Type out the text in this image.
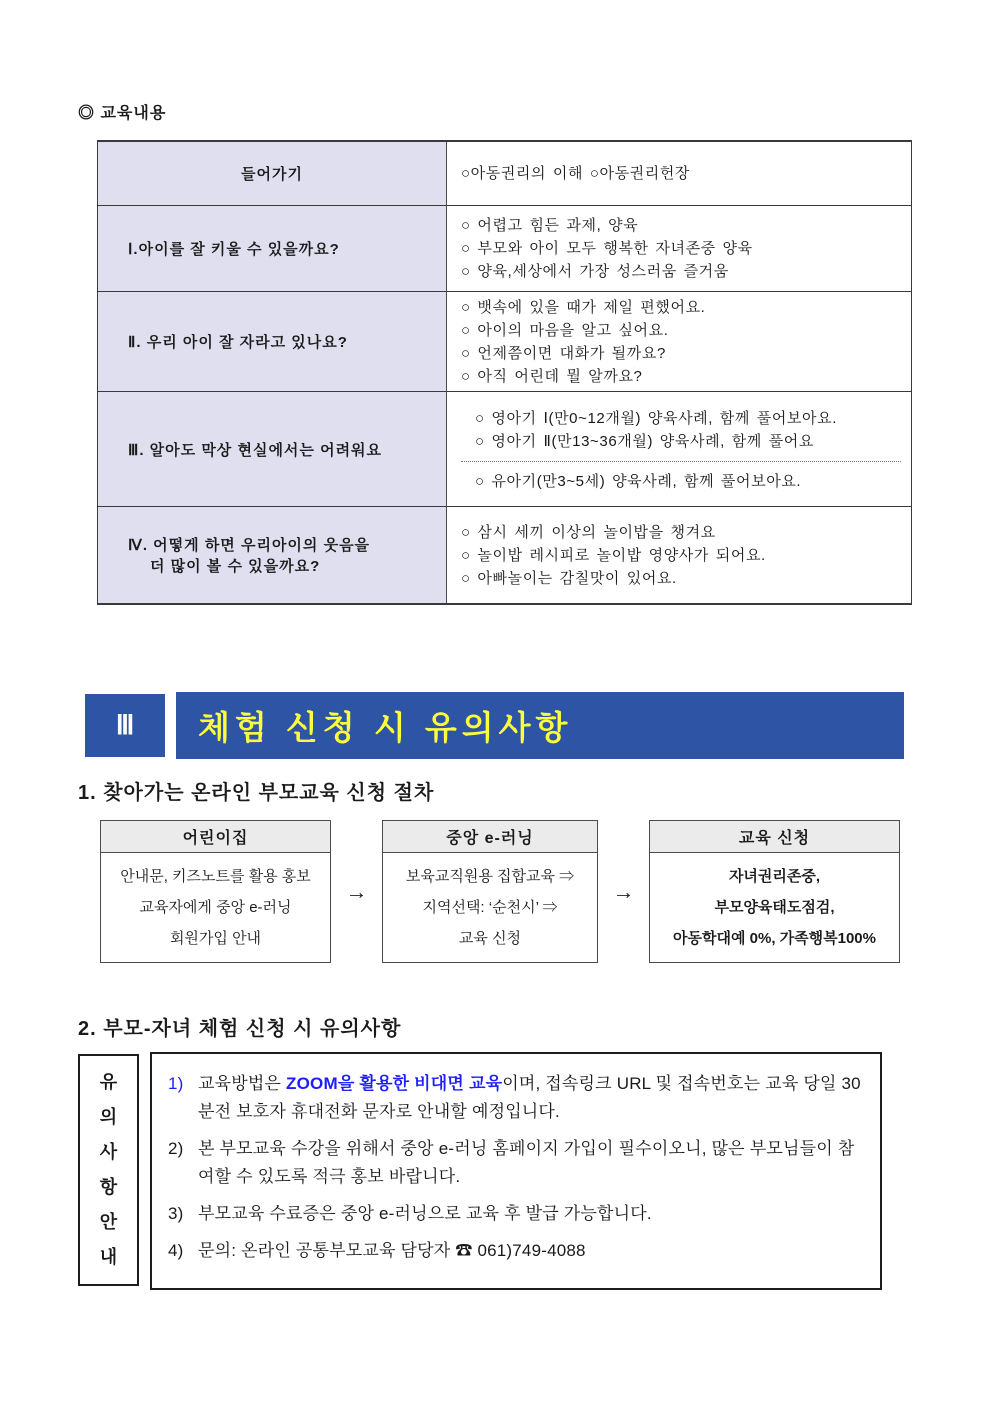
◎ 교육내용
들어가기	○아동권리의 이해 ○아동권리헌장
Ⅰ.아이를 잘 키울 수 있을까요?
○ 어렵고 힘든 과제, 양육
○ 부모와 아이 모두 행복한 자녀존중 양육
○ 양육,세상에서 가장 성스러움 즐거움
Ⅱ. 우리 아이 잘 자라고 있나요?
○ 뱃속에 있을 때가 제일 편했어요.
○ 아이의 마음을 알고 싶어요.
○ 언제쯤이면 대화가 될까요?
○ 아직 어린데 뭘 알까요?
Ⅲ. 알아도 막상 현실에서는 어려워요
○ 영아기 Ⅰ(만0~12개월) 양육사례, 함께 풀어보아요.
○ 영아기 Ⅱ(만13~36개월) 양육사례, 함께 풀어요
○ 유아기(만3~5세) 양육사례, 함께 풀어보아요.
Ⅳ. 어떻게 하면 우리아이의 웃음을
더 많이 볼 수 있을까요?
○ 삼시 세끼 이상의 놀이밥을 챙겨요
○ 놀이밥 레시피로 놀이밥 영양사가 되어요.
○ 아빠놀이는 감칠맛이 있어요.
Ⅲ	체험 신청 시 유의사항
1. 찾아가는 온라인 부모교육 신청 절차
어린이집
안내문, 키즈노트를 활용 홍보
교육자에게 중앙 e-러닝
회원가입 안내
→
중앙 e-러닝
보육교직원용 집합교육 ⇒
지역선택: ‘순천시’ ⇒
교육 신청
→
교육 신청
자녀권리존중,
부모양육태도점검,
아동학대예 0%, 가족행복100%
2. 부모-자녀 체험 신청 시 유의사항
유
의
사
항
안
내
1) 교육방법은 ZOOM을 활용한 비대면 교육이며, 접속링크 URL 및 접속번호는 교육 당일 30분전 보호자 휴대전화 문자로 안내할 예정입니다.
2) 본 부모교육 수강을 위해서 중앙 e-러닝 홈페이지 가입이 필수이오니, 많은 부모님들이 참여할 수 있도록 적극 홍보 바랍니다.
3) 부모교육 수료증은 중앙 e-러닝으로 교육 후 발급 가능합니다.
4) 문의: 온라인 공통부모교육 담당자 ☎ 061)749-4088
